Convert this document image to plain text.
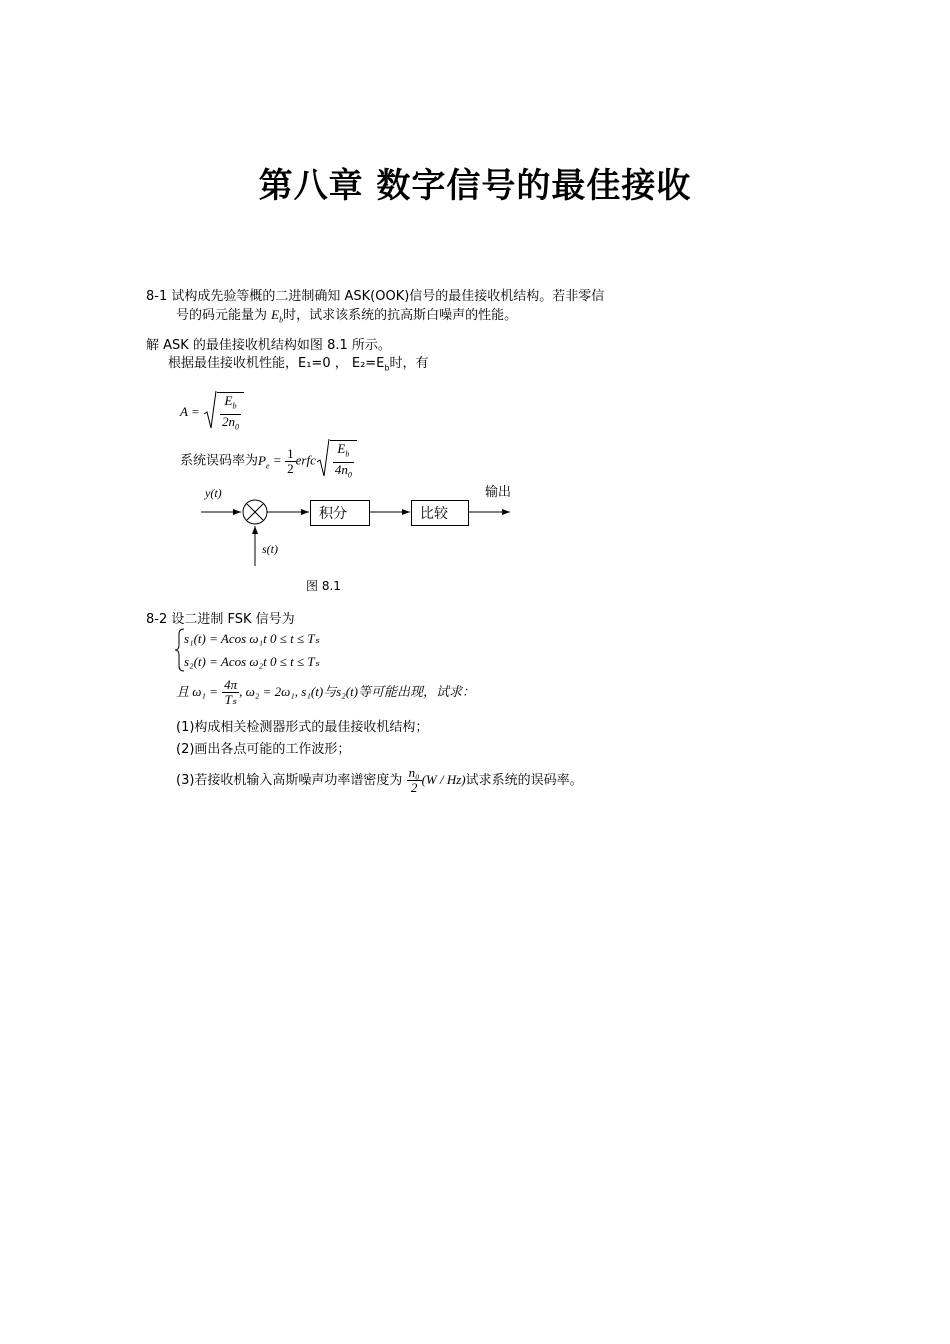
第八章 数字信号的最佳接收
8-1 试构成先验等概的二进制确知 ASK(OOK)信号的最佳接收机结构。若非零信
号的码元能量为 $E_b$时，试求该系统的抗高斯白噪声的性能。
解 ASK 的最佳接收机结构如图 8.1 所示。
根据最佳接收机性能，E₁=0 ， $E_2=E_b$时，有
$A = \frac{E_b}{2n_0}$
系统误码率为$P_e = \frac{1}{2}$ erfc $\frac{E_b}{4n_0}$
y(t)
s(t)
积分	比较
输出
图 8.1
8-2 设二进制 FSK 信号为
s₁(t) = Acos ω₁t 0 ≤ t ≤ Tₛ
s₂(t) = Acos ω₂t 0 ≤ t ≤ Tₛ
且 $\omega_1 = \frac{4\pi}{\text{Tₛ}}$ , ω₂ = 2ω₁, s₁(t)与s₂(t)等可能出现，试求：
(1)构成相关检测器形式的最佳接收机结构；
(2)画出各点可能的工作波形；
(3)若接收机输入高斯噪声功率谱密度为 $\frac{\text{n₀}}{2} (W / Hz)$试求系统的误码率。
